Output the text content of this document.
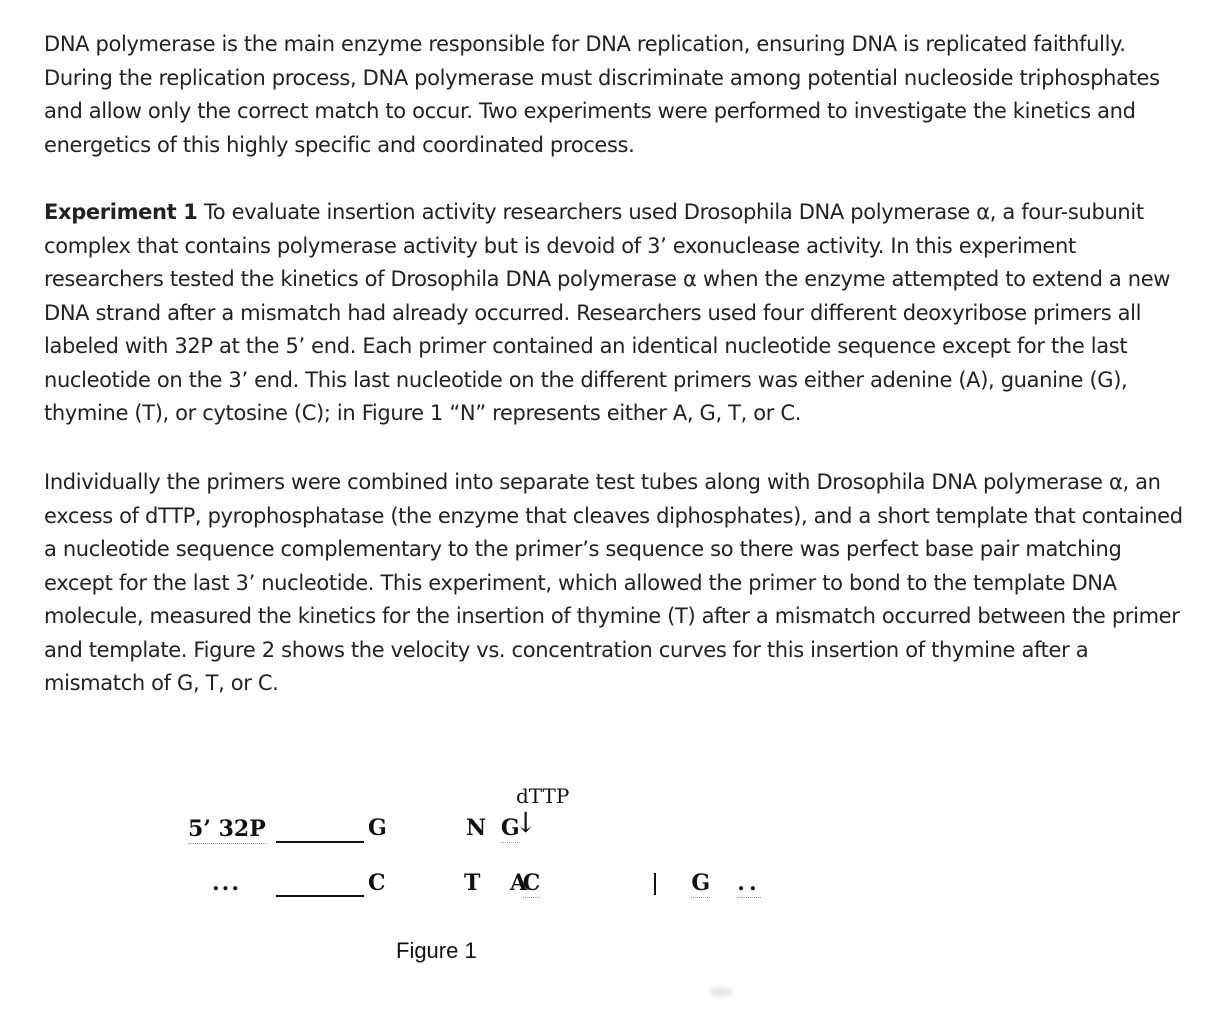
DNA polymerase is the main enzyme responsible for DNA replication, ensuring DNA is replicated faithfully. During the replication process, DNA polymerase must discriminate among potential nucleoside triphosphates and allow only the correct match to occur. Two experiments were performed to investigate the kinetics and energetics of this highly specific and coordinated process.

Experiment 1 To evaluate insertion activity researchers used Drosophila DNA polymerase α, a four-subunit complex that contains polymerase activity but is devoid of 3’ exonuclease activity. In this experiment researchers tested the kinetics of Drosophila DNA polymerase α when the enzyme attempted to extend a new DNA strand after a mismatch had already occurred. Researchers used four different deoxyribose primers all labeled with 32P at the 5’ end. Each primer contained an identical nucleotide sequence except for the last nucleotide on the 3’ end. This last nucleotide on the different primers was either adenine (A), guanine (G), thymine (T), or cytosine (C); in Figure 1 “N” represents either A, G, T, or C.

Individually the primers were combined into separate test tubes along with Drosophila DNA polymerase α, an excess of dTTP, pyrophosphatase (the enzyme that cleaves diphosphates), and a short template that contained a nucleotide sequence complementary to the primer’s sequence so there was perfect base pair matching except for the last 3’ nucleotide. This experiment, which allowed the primer to bond to the template DNA molecule, measured the kinetics for the insertion of thymine (T) after a mismatch occurred between the primer and template. Figure 2 shows the velocity vs. concentration curves for this insertion of thymine after a mismatch of G, T, or C.

dTTP
↓
5’ 32P	G	G
N
...	C	C
T A	G ..
Figure 1
